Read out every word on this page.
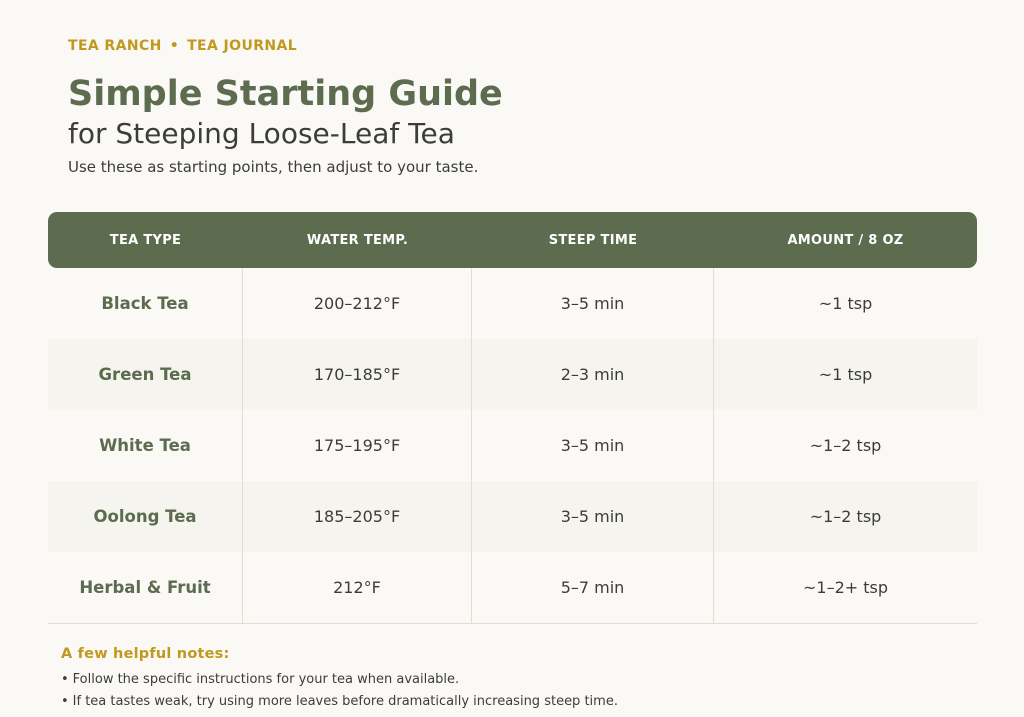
TEA RANCH • TEA JOURNAL
Simple Starting Guide
for Steeping Loose-Leaf Tea
Use these as starting points, then adjust to your taste.
TEA TYPE	WATER TEMP.	STEEP TIME	AMOUNT / 8 OZ
Black Tea	200–212°F	3–5 min	~1 tsp
Green Tea	170–185°F	2–3 min	~1 tsp
White Tea	175–195°F	3–5 min	~1–2 tsp
Oolong Tea	185–205°F	3–5 min	~1–2 tsp
Herbal & Fruit	212°F	5–7 min	~1–2+ tsp
A few helpful notes:
• Follow the specific instructions for your tea when available.
• If tea tastes weak, try using more leaves before dramatically increasing steep time.
